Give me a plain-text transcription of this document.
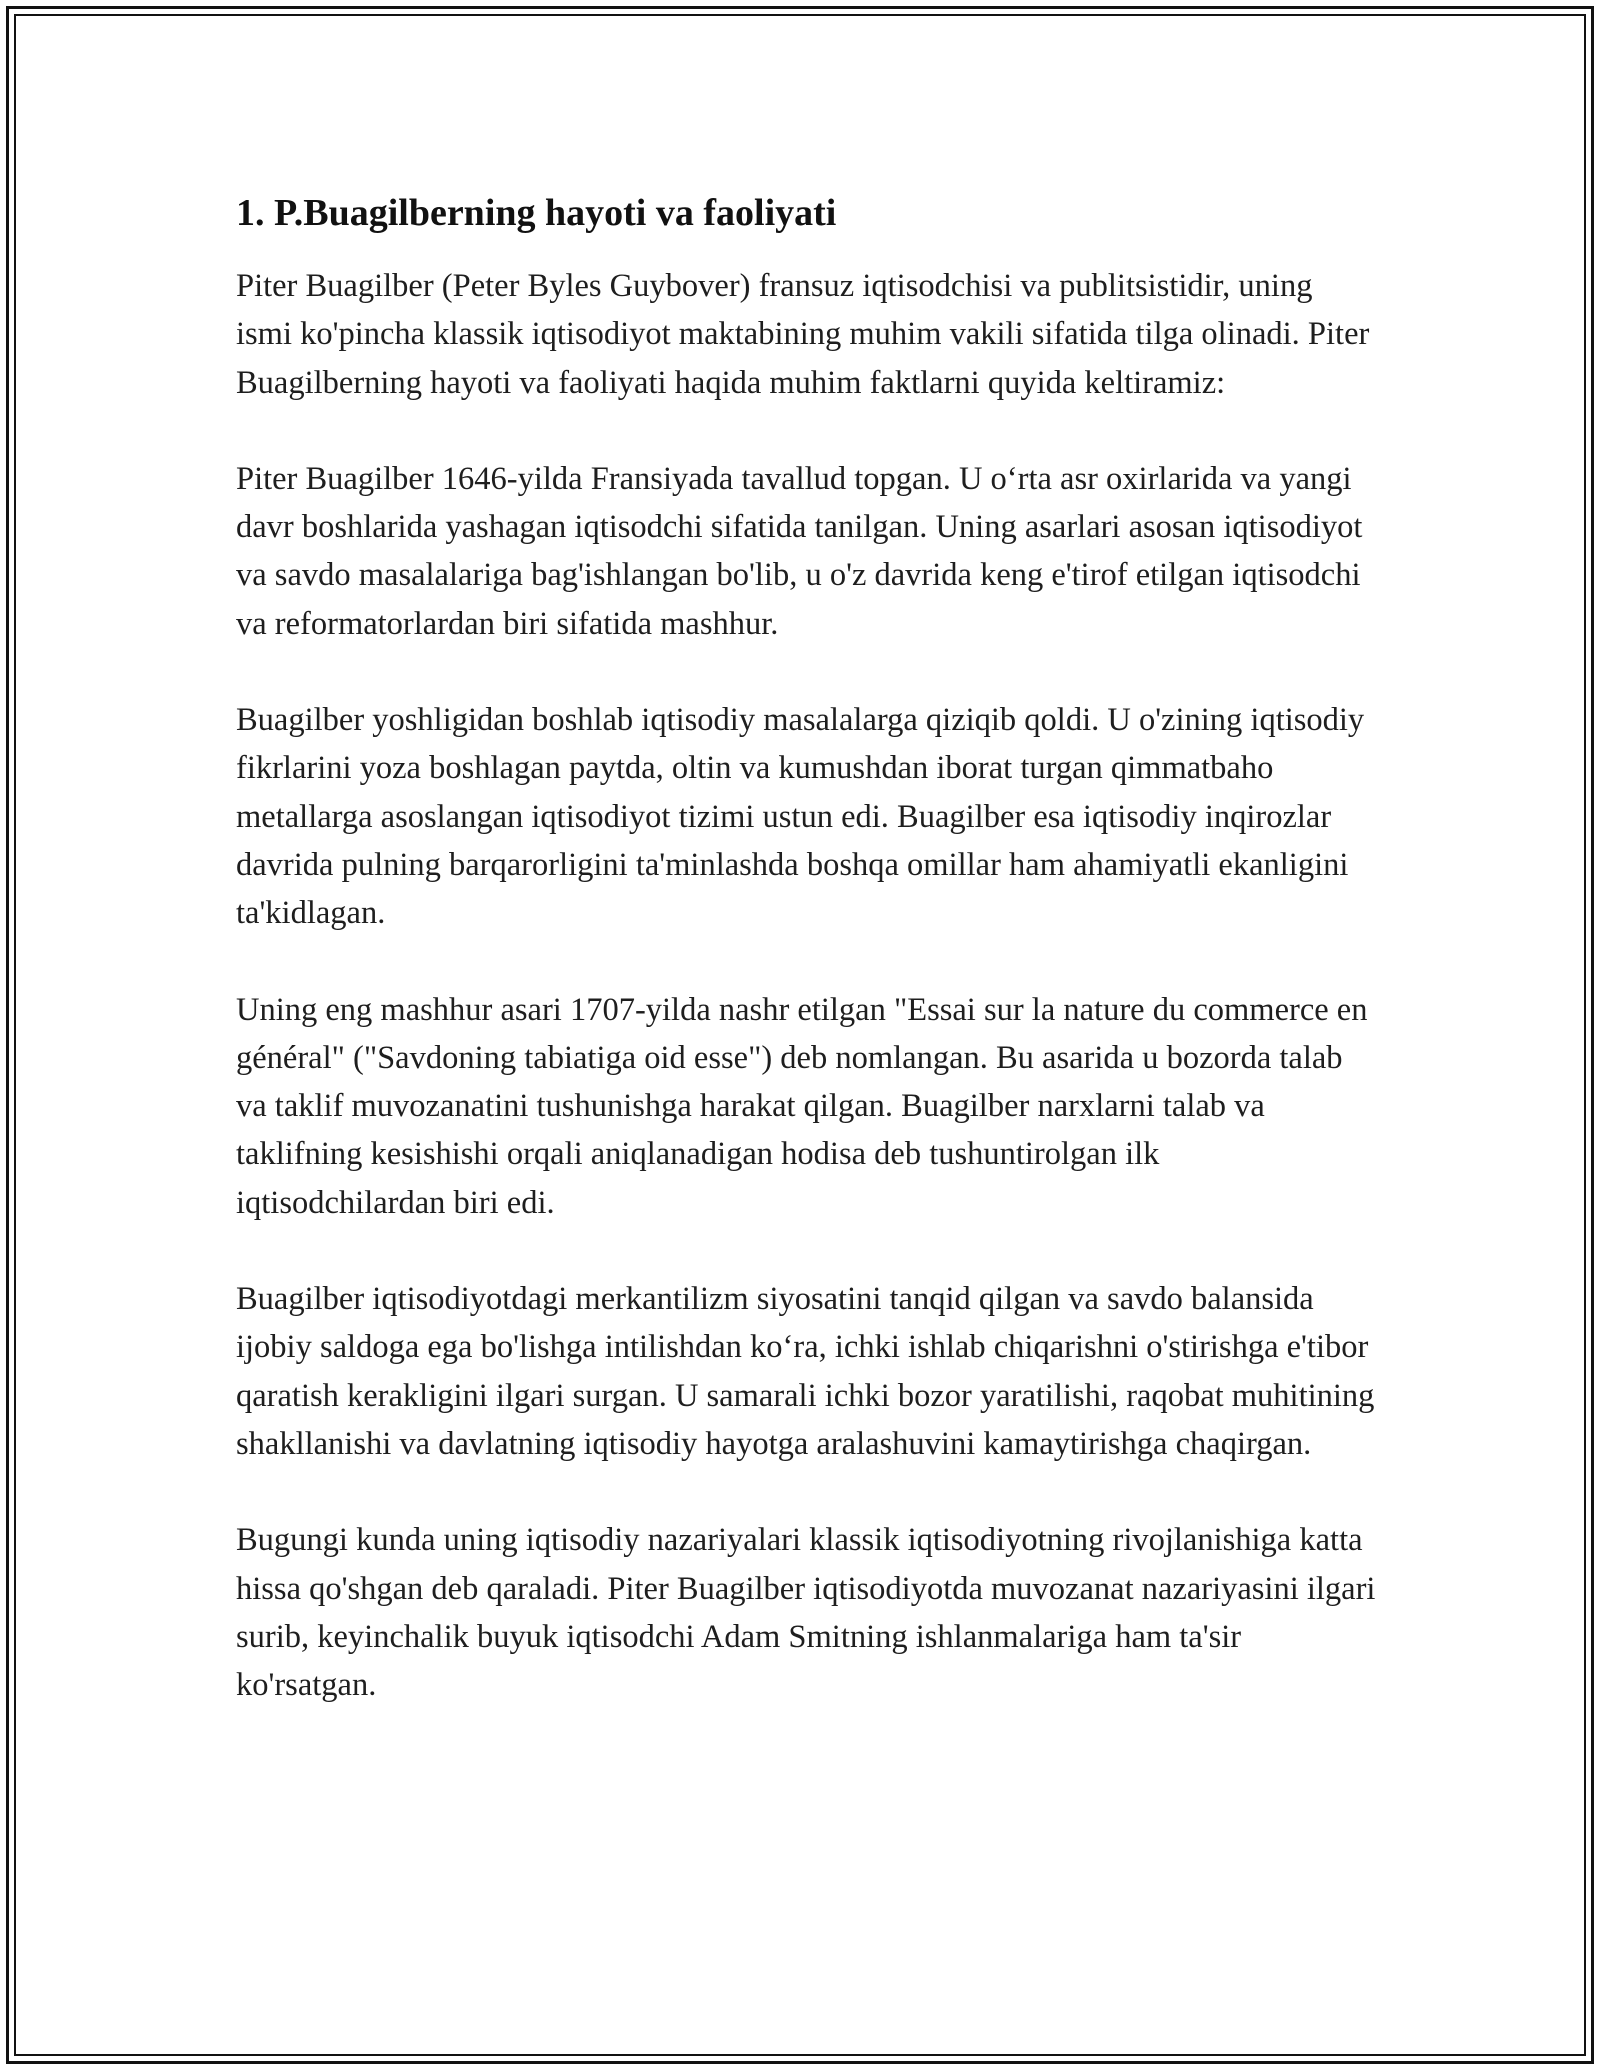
1. P.Buagilberning hayoti va faoliyati

Piter Buagilber (Peter Byles Guybover) fransuz iqtisodchisi va publitsistidir, uning ismi ko'pincha klassik iqtisodiyot maktabining muhim vakili sifatida tilga olinadi. Piter Buagilberning hayoti va faoliyati haqida muhim faktlarni quyida keltiramiz:

Piter Buagilber 1646-yilda Fransiyada tavallud topgan. U oʻrta asr oxirlarida va yangi davr boshlarida yashagan iqtisodchi sifatida tanilgan. Uning asarlari asosan iqtisodiyot va savdo masalalariga bag'ishlangan bo'lib, u o'z davrida keng e'tirof etilgan iqtisodchi va reformatorlardan biri sifatida mashhur.

Buagilber yoshligidan boshlab iqtisodiy masalalarga qiziqib qoldi. U o'zining iqtisodiy fikrlarini yoza boshlagan paytda, oltin va kumushdan iborat turgan qimmatbaho metallarga asoslangan iqtisodiyot tizimi ustun edi. Buagilber esa iqtisodiy inqirozlar davrida pulning barqarorligini ta'minlashda boshqa omillar ham ahamiyatli ekanligini ta'kidlagan.

Uning eng mashhur asari 1707-yilda nashr etilgan "Essai sur la nature du commerce en général" ("Savdoning tabiatiga oid esse") deb nomlangan. Bu asarida u bozorda talab va taklif muvozanatini tushunishga harakat qilgan. Buagilber narxlarni talab va taklifning kesishishi orqali aniqlanadigan hodisa deb tushuntirolgan ilk iqtisodchilardan biri edi.

Buagilber iqtisodiyotdagi merkantilizm siyosatini tanqid qilgan va savdo balansida ijobiy saldoga ega bo'lishga intilishdan koʻra, ichki ishlab chiqarishni o'stirishga e'tibor qaratish kerakligini ilgari surgan. U samarali ichki bozor yaratilishi, raqobat muhitining shakllanishi va davlatning iqtisodiy hayotga aralashuvini kamaytirishga chaqirgan.

Bugungi kunda uning iqtisodiy nazariyalari klassik iqtisodiyotning rivojlanishiga katta hissa qo'shgan deb qaraladi. Piter Buagilber iqtisodiyotda muvozanat nazariyasini ilgari surib, keyinchalik buyuk iqtisodchi Adam Smitning ishlanmalariga ham ta'sir ko'rsatgan.
